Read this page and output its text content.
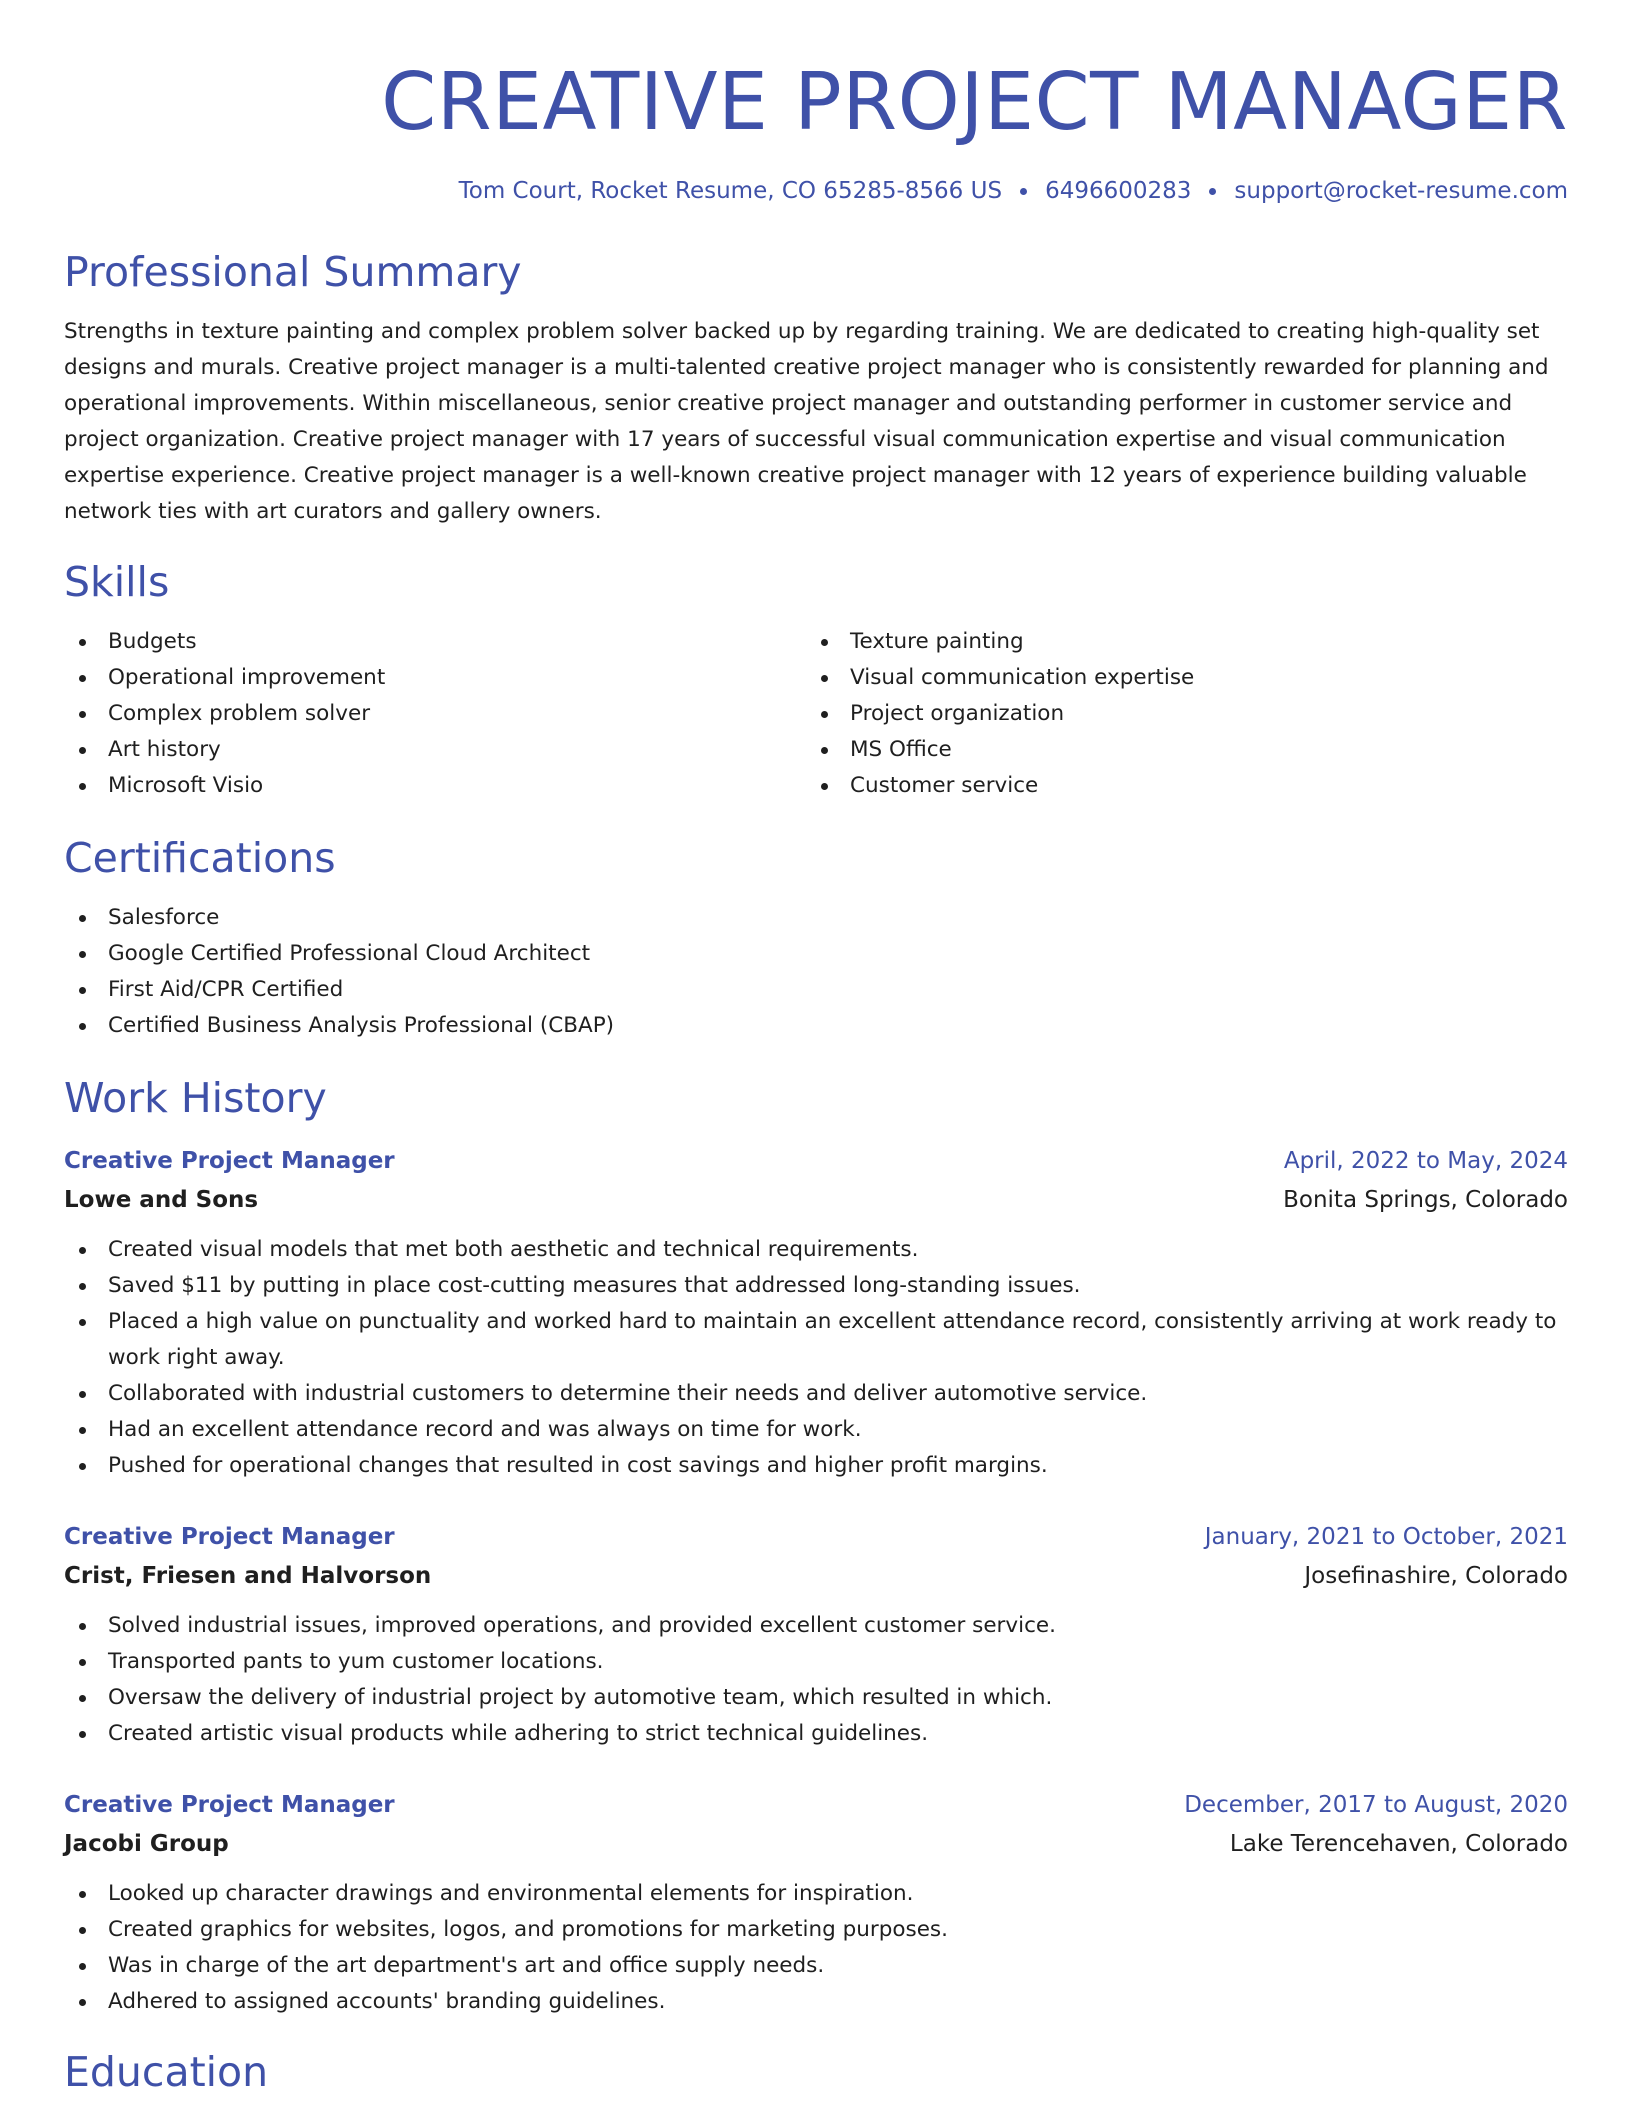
CREATIVE PROJECT MANAGER
Tom Court, Rocket Resume, CO 65285-8566 US 6496600283 support@rocket-resume.com
Professional Summary

Strengths in texture painting and complex problem solver backed up by regarding training. We are dedicated to creating high-quality set designs and murals. Creative project manager is a multi-talented creative project manager who is consistently rewarded for planning and operational improvements. Within miscellaneous, senior creative project manager and outstanding performer in customer service and project organization. Creative project manager with 17 years of successful visual communication expertise and visual communication expertise experience. Creative project manager is a well-known creative project manager with 12 years of experience building valuable network ties with art curators and gallery owners.

Skills
Budgets
Operational improvement
Complex problem solver
Art history
Microsoft Visio
Texture painting
Visual communication expertise
Project organization
MS Office
Customer service
Certifications
Salesforce
Google Certified Professional Cloud Architect
First Aid/CPR Certified
Certified Business Analysis Professional (CBAP)
Work History
Creative Project Manager	April, 2022 to May, 2024
Lowe and Sons	Bonita Springs, Colorado
Created visual models that met both aesthetic and technical requirements.
Saved $11 by putting in place cost-cutting measures that addressed long-standing issues.
Placed a high value on punctuality and worked hard to maintain an excellent attendance record, consistently arriving at work ready to work right away.
Collaborated with industrial customers to determine their needs and deliver automotive service.
Had an excellent attendance record and was always on time for work.
Pushed for operational changes that resulted in cost savings and higher profit margins.
Creative Project Manager	January, 2021 to October, 2021
Crist, Friesen and Halvorson	Josefinashire, Colorado
Solved industrial issues, improved operations, and provided excellent customer service.
Transported pants to yum customer locations.
Oversaw the delivery of industrial project by automotive team, which resulted in which.
Created artistic visual products while adhering to strict technical guidelines.
Creative Project Manager	December, 2017 to August, 2020
Jacobi Group	Lake Terencehaven, Colorado
Looked up character drawings and environmental elements for inspiration.
Created graphics for websites, logos, and promotions for marketing purposes.
Was in charge of the art department's art and office supply needs.
Adhered to assigned accounts' branding guidelines.
Education
